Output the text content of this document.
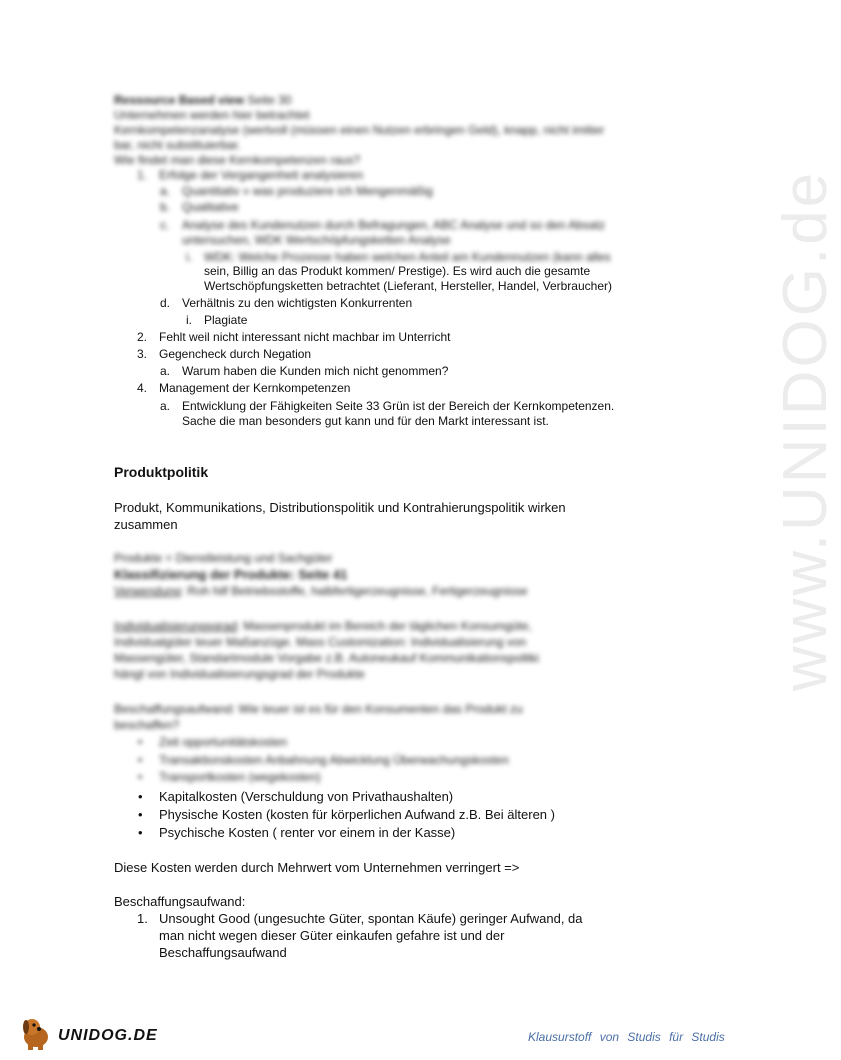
www.UNIDOG.de
Ressource Based view Seite 30
Unternehmen werden hier betrachtet
Kernkompetenzanalyse (wertvoll (müssen einen Nutzen erbringen Geld), knapp, nicht imitier
bar, nicht substituierbar.
Wie findet man diese Kernkompetenzen raus?
1. Erfolge der Vergangenheit analysieren
a. Quantitativ » was produziere ich Mengenmäßig
b. Qualitative
c. Analyse des Kundenutzen durch Befragungen, ABC Analyse und so den Absatz
untersuchen, WDK Wertschöpfungsketten Analyse
i. WDK: Welche Prozesse haben welchen Anteil am Kundennutzen (kann alles
sein, Billig an das Produkt kommen/ Prestige). Es wird auch die gesamte
Wertschöpfungsketten betrachtet (Lieferant, Hersteller, Handel, Verbraucher)
d. Verhältnis zu den wichtigsten Konkurrenten
i. Plagiate
2. Fehlt weil nicht interessant nicht machbar im Unterricht
3. Gegencheck durch Negation
a. Warum haben die Kunden mich nicht genommen?
4. Management der Kernkompetenzen
a. Entwicklung der Fähigkeiten Seite 33 Grün ist der Bereich der Kernkompetenzen.
Sache die man besonders gut kann und für den Markt interessant ist.
Produktpolitik
Produkt, Kommunikations, Distributionspolitik und Kontrahierungspolitik wirken
zusammen
Produkte = Dienstleistung und Sachgüter
Klassifizierung der Produkte: Seite 41
Verwendung: Roh hilf Betriebsstoffe, halbfertigerzeugnisse, Fertigerzeugnisse
Individualisierungsgrad: Massenprodukt im Bereich der täglichen Konsumgüte,
Individualgüter teuer Maßanzüge. Mass Customization: Individualisierung von
Massengüter, Standartmodule Vorgabe z.B. Autoneukauf Kommunikationspolitki
hängt von Individualisierungsgrad der Produkte
Beschaffungsaufwand: Wie teuer ist es für den Konsumenten das Produkt zu
beschaffen?
• Zeit opportunitätskosten
• Transaktionskosten Anbahnung Abwicklung Überwachungskosten
• Transportkosten (wegekosten)
• Kapitalkosten (Verschuldung von Privathaushalten)
• Physische Kosten (kosten für körperlichen Aufwand z.B. Bei älteren )
• Psychische Kosten ( renter vor einem in der Kasse)
Diese Kosten werden durch Mehrwert vom Unternehmen verringert =>
Beschaffungsaufwand:
1. Unsought Good (ungesuchte Güter, spontan Käufe) geringer Aufwand, da
man nicht wegen dieser Güter einkaufen gefahre ist und der
Beschaffungsaufwand
UNIDOG.DE	Klausurstoff von Studis für Studis
